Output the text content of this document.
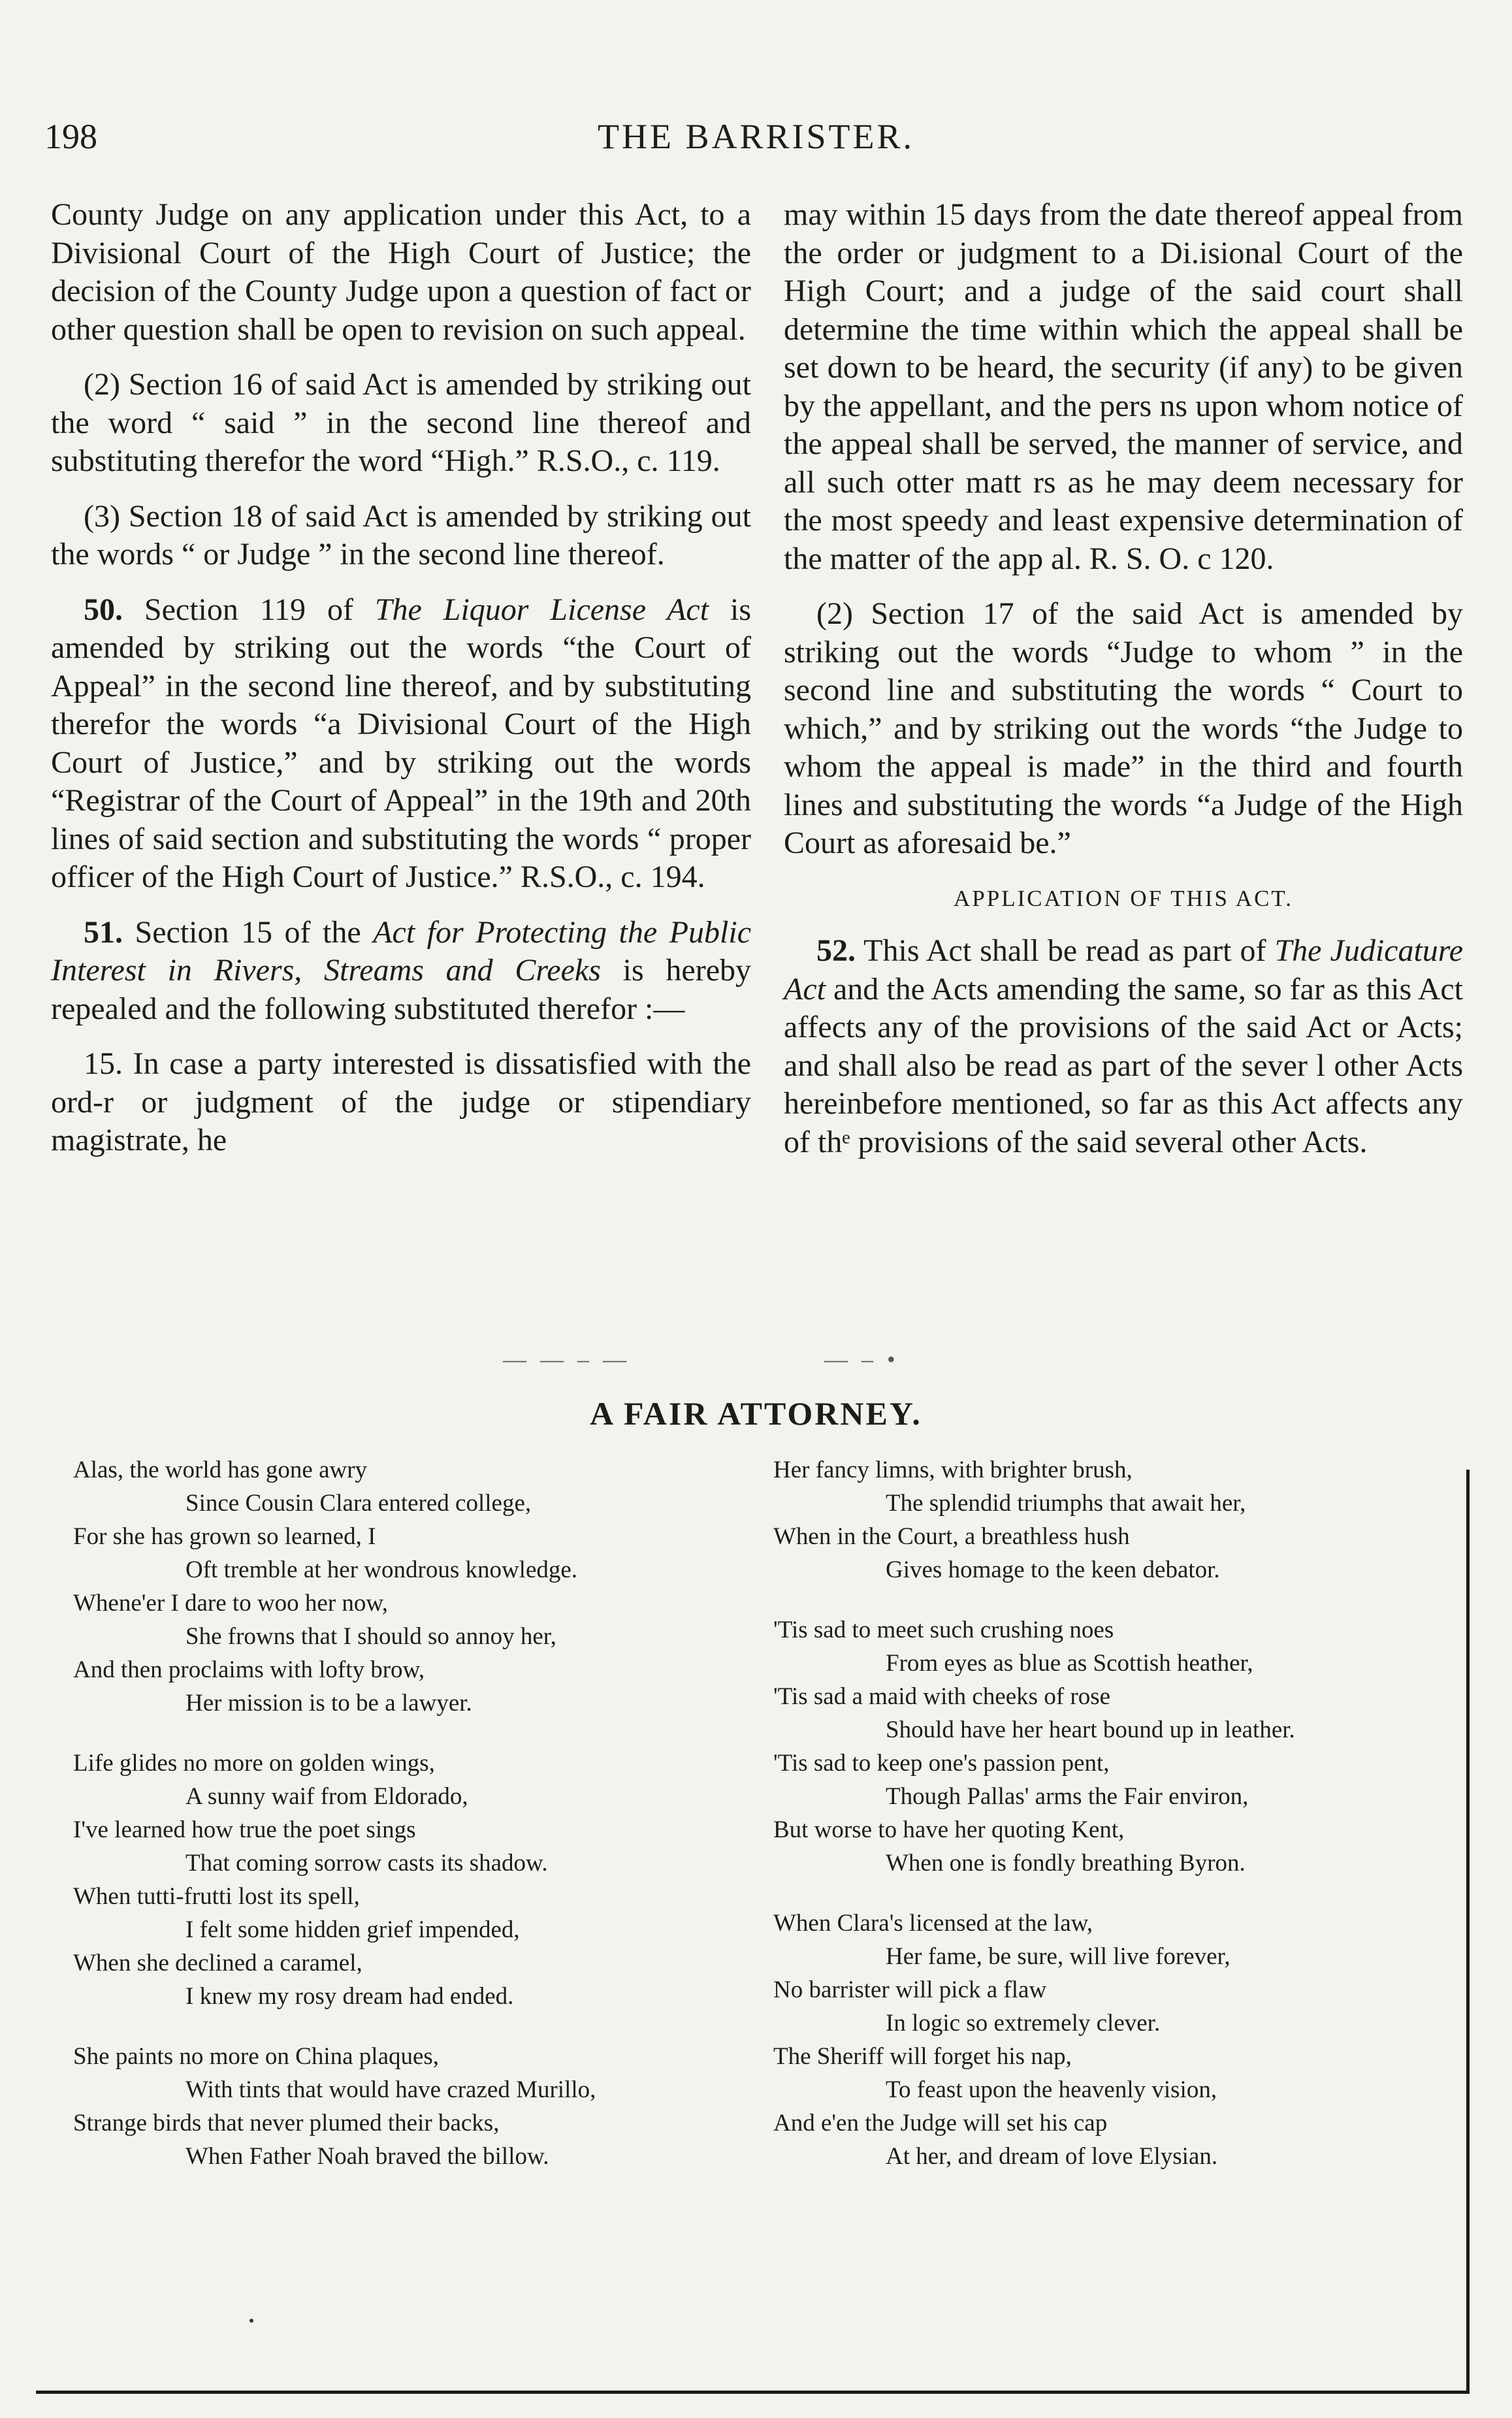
198	THE BARRISTER.

County Judge on any application under this Act, to a Divisional Court of the High Court of Justice; the decision of the County Judge upon a question of fact or other question shall be open to revision on such appeal.

(2) Section 16 of said Act is amended by striking out the word “ said ” in the second line thereof and substituting therefor the word “High.” R.S.O., c. 119.

(3) Section 18 of said Act is amended by striking out the words “ or Judge ” in the second line thereof.

50. Section 119 of The Liquor License Act is amended by striking out the words “the Court of Appeal” in the second line thereof, and by substituting therefor the words “a Divisional Court of the High Court of Justice,” and by striking out the words “Registrar of the Court of Appeal” in the 19th and 20th lines of said section and substituting the words “ proper officer of the High Court of Justice.” R.S.O., c. 194.

51. Section 15 of the Act for Protecting the Public Interest in Rivers, Streams and Creeks is hereby repealed and the following substituted therefor :—

15. In case a party interested is dissatisfied with the ord-r or judgment of the judge or stipendiary magistrate, he

may within 15 days from the date thereof appeal from the order or judgment to a Di.isional Court of the High Court; and a judge of the said court shall determine the time within which the appeal shall be set down to be heard, the security (if any) to be given by the appellant, and the pers ns upon whom notice of the appeal shall be served, the manner of service, and all such otter matt rs as he may deem necessary for the most speedy and least expensive determination of the matter of the app al. R. S. O. c 120.

(2) Section 17 of the said Act is amended by striking out the words “Judge to whom ” in the second line and substituting the words “ Court to which,” and by striking out the words “the Judge to whom the appeal is made” in the third and fourth lines and substituting the words “a Judge of the High Court as aforesaid be.”

APPLICATION OF THIS ACT.

52. This Act shall be read as part of The Judicature Act and the Acts amending the same, so far as this Act affects any of the provisions of the said Act or Acts; and shall also be read as part of the sever l other Acts hereinbefore mentioned, so far as this Act affects any of thᵉ provisions of the said several other Acts.

— — – —	— – •
A FAIR ATTORNEY.
Alas, the world has gone awry
Since Cousin Clara entered college,
For she has grown so learned, I
Oft tremble at her wondrous knowledge.
Whene'er I dare to woo her now,
She frowns that I should so annoy her,
And then proclaims with lofty brow,
Her mission is to be a lawyer.
Life glides no more on golden wings,
A sunny waif from Eldorado,
I've learned how true the poet sings
That coming sorrow casts its shadow.
When tutti-frutti lost its spell,
I felt some hidden grief impended,
When she declined a caramel,
I knew my rosy dream had ended.
She paints no more on China plaques,
With tints that would have crazed Murillo,
Strange birds that never plumed their backs,
When Father Noah braved the billow.
Her fancy limns, with brighter brush,
The splendid triumphs that await her,
When in the Court, a breathless hush
Gives homage to the keen debator.
'Tis sad to meet such crushing noes
From eyes as blue as Scottish heather,
'Tis sad a maid with cheeks of rose
Should have her heart bound up in leather.
'Tis sad to keep one's passion pent,
Though Pallas' arms the Fair environ,
But worse to have her quoting Kent,
When one is fondly breathing Byron.
When Clara's licensed at the law,
Her fame, be sure, will live forever,
No barrister will pick a flaw
In logic so extremely clever.
The Sheriff will forget his nap,
To feast upon the heavenly vision,
And e'en the Judge will set his cap
At her, and dream of love Elysian.
